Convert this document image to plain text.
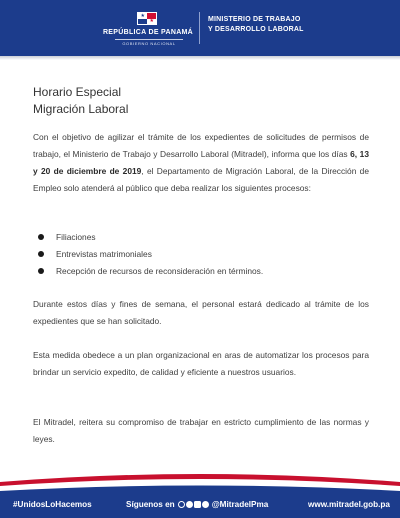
★
★
REPÚBLICA DE PANAMÁ
GOBIERNO NACIONAL
MINISTERIO DE TRABAJO
Y DESARROLLO LABORAL
Horario Especial
Migración Laboral

Con el objetivo de agilizar el trámite de los expedientes de solicitudes de permisos de trabajo, el Ministerio de Trabajo y Desarrollo Laboral (Mitradel), informa que los días 6, 13 y 20 de diciembre de 2019, el Departamento de Migración Laboral, de la Dirección de Empleo solo atenderá al público que deba realizar los siguientes procesos:

Filiaciones
Entrevistas matrimoniales
Recepción de recursos de reconsideración en términos.

Durante estos días y fines de semana, el personal estará dedicado al trámite de los expedientes que se han solicitado.

Esta medida obedece a un plan organizacional en aras de automatizar los procesos para brindar un servicio expedito, de calidad y eficiente a nuestros usuarios.

El Mitradel, reitera su compromiso de trabajar en estricto cumplimiento de las normas y leyes.

#UnidosLoHacemos	Síguenos en	@MitradelPma	www.mitradel.gob.pa
